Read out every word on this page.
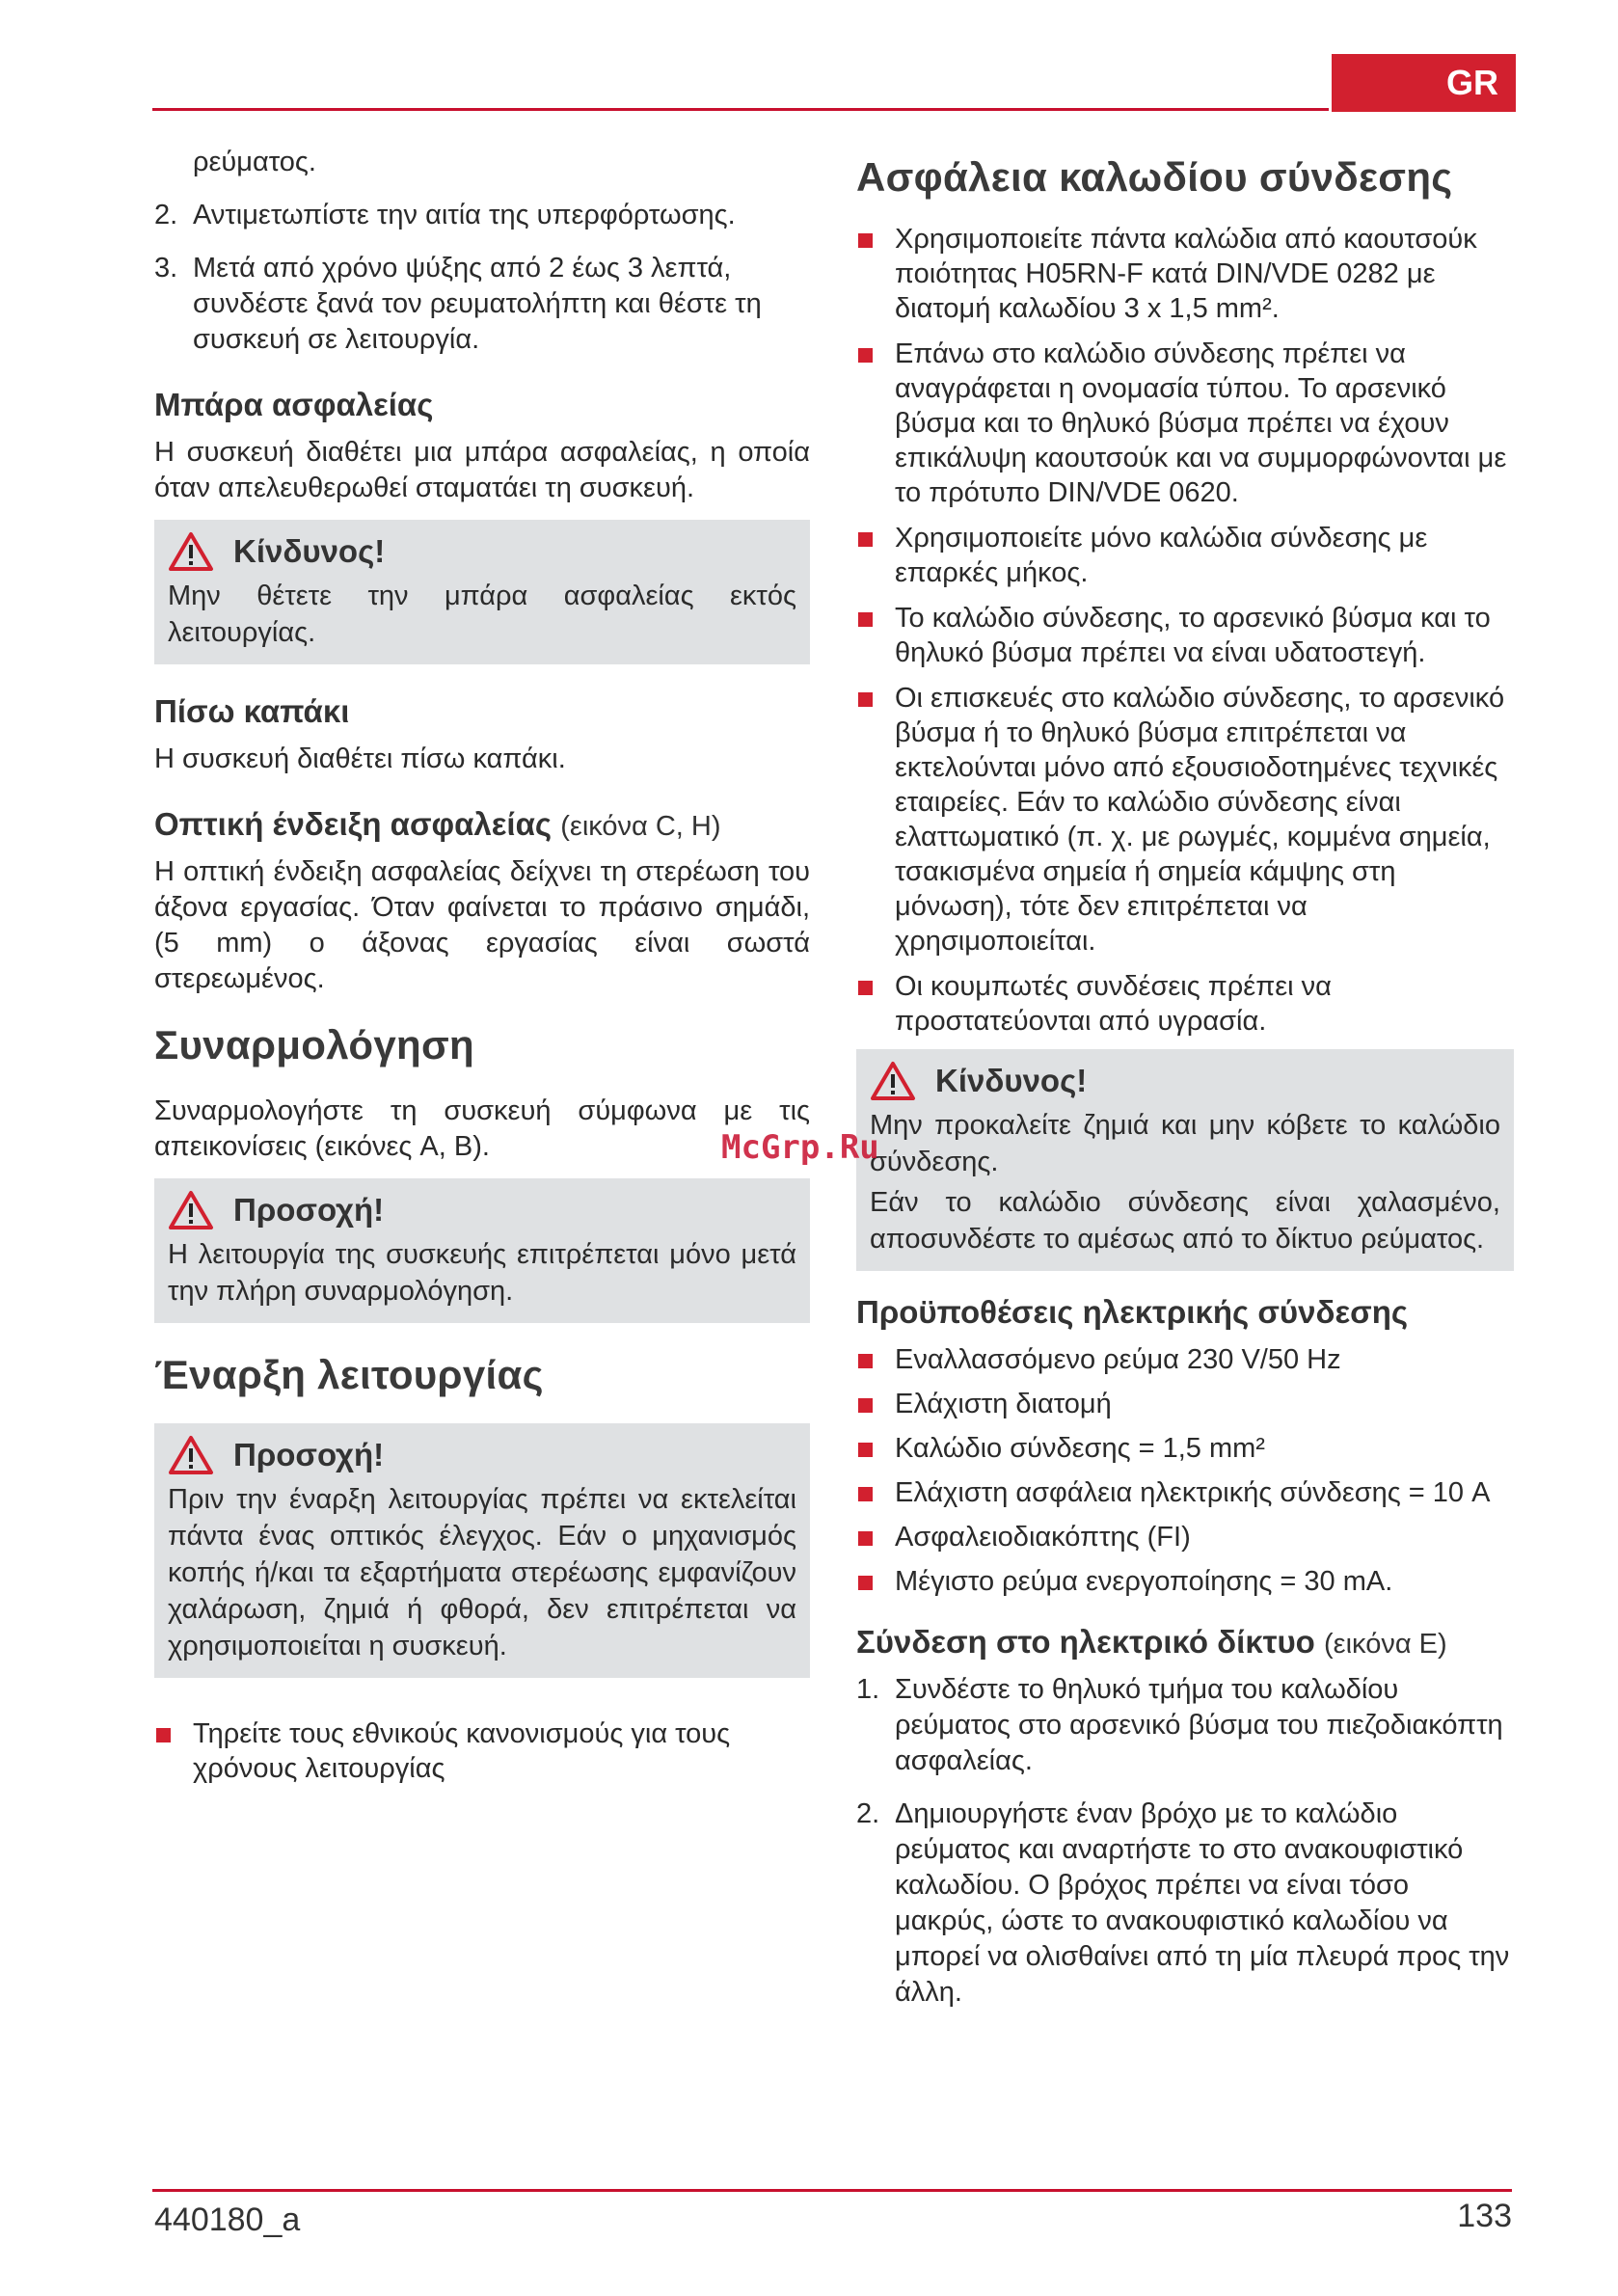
GR
ρεύματος.
2. Αντιμετωπίστε την αιτία της υπερφόρτωσης.
3. Μετά από χρόνο ψύξης από 2 έως 3 λεπτά, συνδέστε ξανά τον ρευματολήπτη και θέστε τη συσκευή σε λειτουργία.
Μπάρα ασφαλείας

Η συσκευή διαθέτει μια μπάρα ασφαλείας, η οποία όταν απελευθερωθεί σταματάει τη συσκευή.

Κίνδυνος!
Μην θέτετε την μπάρα ασφαλείας εκτός λειτουργίας.
Πίσω καπάκι

Η συσκευή διαθέτει πίσω καπάκι.

Οπτική ένδειξη ασφαλείας (εικόνα C, H)

Η οπτική ένδειξη ασφαλείας δείχνει τη στερέωση του άξονα εργασίας. Όταν φαίνεται το πράσινο σημάδι, (5 mm) ο άξονας εργασίας είναι σωστά στερεωμένος.

Συναρμολόγηση

Συναρμολογήστε τη συσκευή σύμφωνα με τις απεικονίσεις (εικόνες A, B).

Προσοχή!
Η λειτουργία της συσκευής επιτρέπεται μόνο μετά την πλήρη συναρμολόγηση.
Έναρξη λειτουργίας
Προσοχή!
Πριν την έναρξη λειτουργίας πρέπει να εκτελείται πάντα ένας οπτικός έλεγχος. Εάν ο μηχανισμός κοπής ή/και τα εξαρτήματα στερέωσης εμφανίζουν χαλάρωση, ζημιά ή φθορά, δεν επιτρέπεται να χρησιμοποιείται η συσκευή.
Τηρείτε τους εθνικούς κανονισμούς για τους χρόνους λειτουργίας
Ασφάλεια καλωδίου σύνδεσης
Χρησιμοποιείτε πάντα καλώδια από καουτσούκ ποιότητας H05RN-F κατά DIN/VDE 0282 με διατομή καλωδίου 3 x 1,5 mm².
Επάνω στο καλώδιο σύνδεσης πρέπει να αναγράφεται η ονομασία τύπου. Το αρσενικό βύσμα και το θηλυκό βύσμα πρέπει να έχουν επικάλυψη καουτσούκ και να συμμορφώνονται με το πρότυπο DIN/VDE 0620.
Χρησιμοποιείτε μόνο καλώδια σύνδεσης με επαρκές μήκος.
Το καλώδιο σύνδεσης, το αρσενικό βύσμα και το θηλυκό βύσμα πρέπει να είναι υδατοστεγή.
Οι επισκευές στο καλώδιο σύνδεσης, το αρσενικό βύσμα ή το θηλυκό βύσμα επιτρέπεται να εκτελούνται μόνο από εξουσιοδοτημένες τεχνικές εταιρείες. Εάν το καλώδιο σύνδεσης είναι ελαττωματικό (π. χ. με ρωγμές, κομμένα σημεία, τσακισμένα σημεία ή σημεία κάμψης στη μόνωση), τότε δεν επιτρέπεται να χρησιμοποιείται.
Οι κουμπωτές συνδέσεις πρέπει να προστατεύονται από υγρασία.
Κίνδυνος!
Μην προκαλείτε ζημιά και μην κόβετε το καλώδιο σύνδεσης.
Εάν το καλώδιο σύνδεσης είναι χαλασμένο, αποσυνδέστε το αμέσως από το δίκτυο ρεύματος.
Προϋποθέσεις ηλεκτρικής σύνδεσης
Εναλλασσόμενο ρεύμα 230 V/50 Hz
Ελάχιστη διατομή
Καλώδιο σύνδεσης = 1,5 mm²
Ελάχιστη ασφάλεια ηλεκτρικής σύνδεσης = 10 A
Ασφαλειοδιακόπτης (FI)
Μέγιστο ρεύμα ενεργοποίησης = 30 mA.
Σύνδεση στο ηλεκτρικό δίκτυο (εικόνα E)
1. Συνδέστε το θηλυκό τμήμα του καλωδίου ρεύματος στο αρσενικό βύσμα του πιεζοδιακόπτη ασφαλείας.
2. Δημιουργήστε έναν βρόχο με το καλώδιο ρεύματος και αναρτήστε το στο ανακουφιστικό καλωδίου. Ο βρόχος πρέπει να είναι τόσο μακρύς, ώστε το ανακουφιστικό καλωδίου να μπορεί να ολισθαίνει από τη μία πλευρά προς την άλλη.
McGrp.Ru
440180_a	133
